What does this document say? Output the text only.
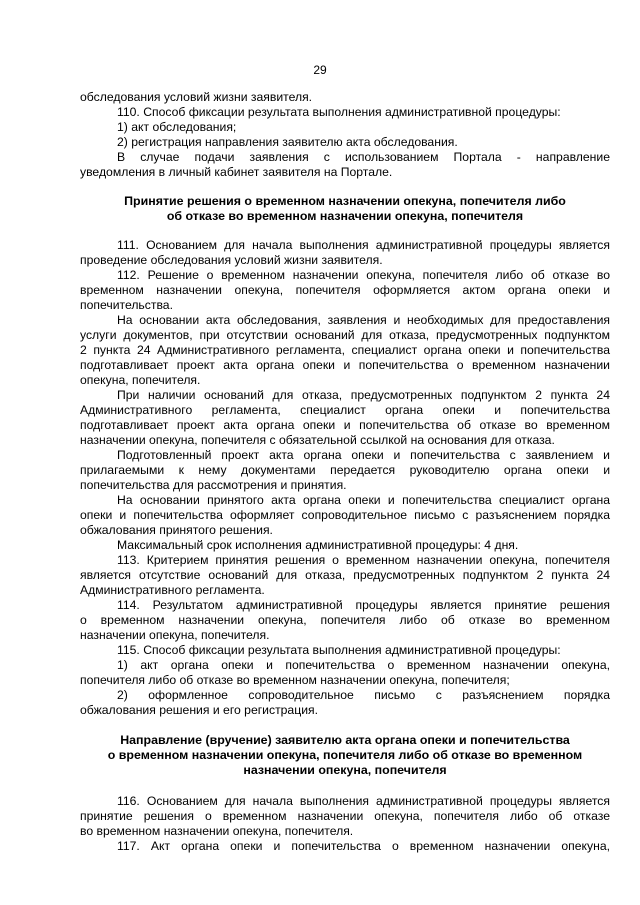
29
обследования условий жизни заявителя.
110. Способ фиксации результата выполнения административной процедуры:
1) акт обследования;
2) регистрация направления заявителю акта обследования.
В случае подачи заявления с использованием Портала - направление
уведомления в личный кабинет заявителя на Портале.
Принятие решения о временном назначении опекуна, попечителя либо
об отказе во временном назначении опекуна, попечителя
111. Основанием для начала выполнения административной процедуры является
проведение обследования условий жизни заявителя.
112. Решение о временном назначении опекуна, попечителя либо об отказе во
временном назначении опекуна, попечителя оформляется актом органа опеки и
попечительства.
На основании акта обследования, заявления и необходимых для предоставления
услуги документов, при отсутствии оснований для отказа, предусмотренных подпунктом
2 пункта 24 Административного регламента, специалист органа опеки и попечительства
подготавливает проект акта органа опеки и попечительства о временном назначении
опекуна, попечителя.
При наличии оснований для отказа, предусмотренных подпунктом 2 пункта 24
Административного регламента, специалист органа опеки и попечительства
подготавливает проект акта органа опеки и попечительства об отказе во временном
назначении опекуна, попечителя с обязательной ссылкой на основания для отказа.
Подготовленный проект акта органа опеки и попечительства с заявлением и
прилагаемыми к нему документами передается руководителю органа опеки и
попечительства для рассмотрения и принятия.
На основании принятого акта органа опеки и попечительства специалист органа
опеки и попечительства оформляет сопроводительное письмо с разъяснением порядка
обжалования принятого решения.
Максимальный срок исполнения административной процедуры: 4 дня.
113. Критерием принятия решения о временном назначении опекуна, попечителя
является отсутствие оснований для отказа, предусмотренных подпунктом 2 пункта 24
Административного регламента.
114. Результатом административной процедуры является принятие решения
о временном назначении опекуна, попечителя либо об отказе во временном
назначении опекуна, попечителя.
115. Способ фиксации результата выполнения административной процедуры:
1) акт органа опеки и попечительства о временном назначении опекуна,
попечителя либо об отказе во временном назначении опекуна, попечителя;
2) оформленное сопроводительное письмо с разъяснением порядка
обжалования решения и его регистрация.
Направление (вручение) заявителю акта органа опеки и попечительства
о временном назначении опекуна, попечителя либо об отказе во временном
назначении опекуна, попечителя
116. Основанием для начала выполнения административной процедуры является
принятие решения о временном назначении опекуна, попечителя либо об отказе
во временном назначении опекуна, попечителя.
117. Акт органа опеки и попечительства о временном назначении опекуна,
